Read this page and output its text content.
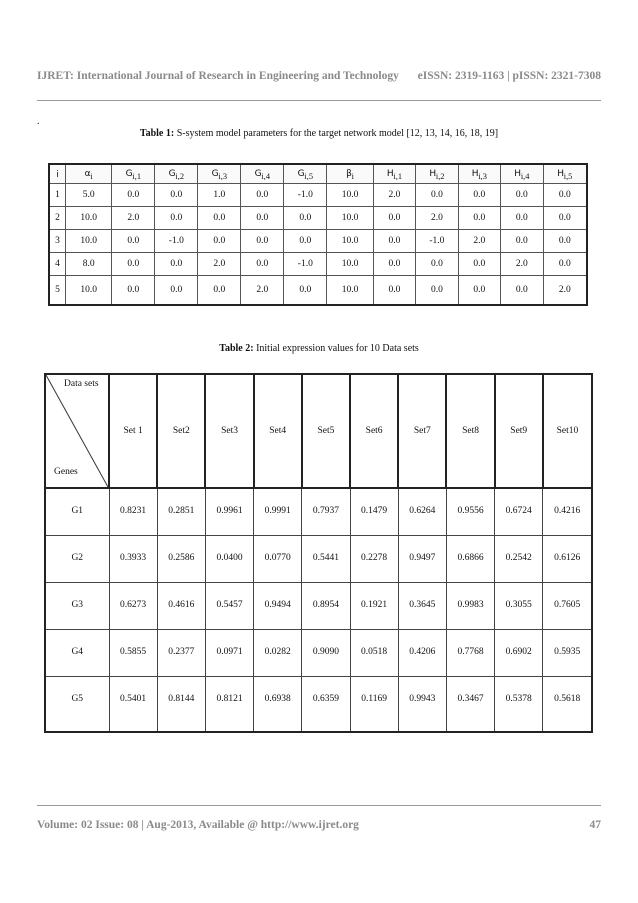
IJRET: International Journal of Research in Engineering and Technology eISSN: 2319-1163 | pISSN: 2321-7308
.
Table 1: S-system model parameters for the target network model [12, 13, 14, 16, 18, 19]
i	$\alpha_i$	$G_{i,1}$	$G_{i,2}$	$G_{i,3}$	$G_{i,4}$	$G_{i,5}$	$\beta_i$	$H_{i,1}$	$H_{i,2}$	$H_{i,3}$	$H_{i,4}$	$H_{i,5}$
1	5.0	0.0	0.0	1.0	0.0	-1.0	10.0	2.0	0.0	0.0	0.0	0.0
2	10.0	2.0	0.0	0.0	0.0	0.0	10.0	0.0	2.0	0.0	0.0	0.0
3	10.0	0.0	-1.0	0.0	0.0	0.0	10.0	0.0	-1.0	2.0	0.0	0.0
4	8.0	0.0	0.0	2.0	0.0	-1.0	10.0	0.0	0.0	0.0	2.0	0.0
5	10.0	0.0	0.0	0.0	2.0	0.0	10.0	0.0	0.0	0.0	0.0	2.0
Table 2: Initial expression values for 10 Data sets
Data sets
Genes	Set 1	Set2	Set3	Set4	Set5	Set6	Set7	Set8	Set9	Set10
G1	0.8231	0.2851	0.9961	0.9991	0.7937	0.1479	0.6264	0.9556	0.6724	0.4216
G2	0.3933	0.2586	0.0400	0.0770	0.5441	0.2278	0.9497	0.6866	0.2542	0.6126
G3	0.6273	0.4616	0.5457	0.9494	0.8954	0.1921	0.3645	0.9983	0.3055	0.7605
G4	0.5855	0.2377	0.0971	0.0282	0.9090	0.0518	0.4206	0.7768	0.6902	0.5935
G5	0.5401	0.8144	0.8121	0.6938	0.6359	0.1169	0.9943	0.3467	0.5378	0.5618
Volume: 02 Issue: 08 | Aug-2013, Available @ http://www.ijret.org	47
